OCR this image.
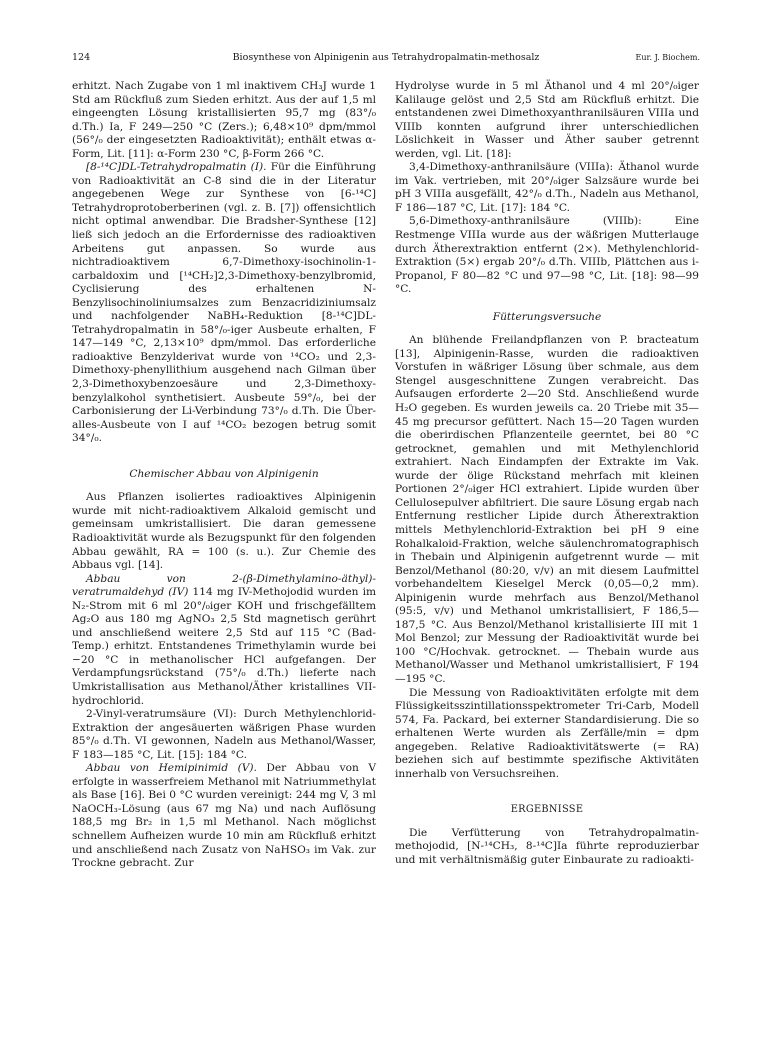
124	Biosynthese von Alpinigenin aus Tetrahydropalmatin-methosalz	Eur. J. Biochem.

erhitzt. Nach Zugabe von 1 ml inaktivem CH₃J wurde 1 Std am Rückfluß zum Sieden erhitzt. Aus der auf 1,5 ml eingeengten Lösung kristallisierten 95,7 mg (83°/₀ d.Th.) Ia, F 249—250 °C (Zers.); 6,48×10⁹ dpm/mmol (56°/₀ der eingesetzten Radioaktivität); enthält etwas α-Form, Lit. [11]: α-Form 230 °C, β-Form 266 °C.

[8-¹⁴C]DL-Tetrahydropalmatin (I). Für die Einführung von Radioaktivität an C-8 sind die in der Literatur angegebenen Wege zur Synthese von [6-¹⁴C] Tetrahydroprotoberberinen (vgl. z. B. [7]) offensichtlich nicht optimal anwendbar. Die Bradsher-Synthese [12] ließ sich jedoch an die Erfordernisse des radioaktiven Arbeitens gut anpassen. So wurde aus nichtradioaktivem 6,7-Dimethoxy-isochinolin-1-carbaldoxim und [¹⁴CH₂]2,3-Dimethoxy-benzylbromid, Cyclisierung des erhaltenen N-Benzylisochinoliniumsalzes zum Benzacridiziniumsalz und nachfolgender NaBH₄-Reduktion [8-¹⁴C]DL-Tetrahydropalmatin in 58°/₀-iger Ausbeute erhalten, F 147—149 °C, 2,13×10⁹ dpm/mmol. Das erforderliche radioaktive Benzylderivat wurde von ¹⁴CO₂ und 2,3-Dimethoxy-phenyllithium ausgehend nach Gilman über 2,3-Dimethoxybenzoesäure und 2,3-Dimethoxy-benzylalkohol synthetisiert. Ausbeute 59°/₀, bei der Carbonisierung der Li-Verbindung 73°/₀ d.Th. Die Über-alles-Ausbeute von I auf ¹⁴CO₂ bezogen betrug somit 34°/₀.

Chemischer Abbau von Alpinigenin

Aus Pflanzen isoliertes radioaktives Alpinigenin wurde mit nicht-radioaktivem Alkaloid gemischt und gemeinsam umkristallisiert. Die daran gemessene Radioaktivität wurde als Bezugspunkt für den folgenden Abbau gewählt, RA = 100 (s. u.). Zur Chemie des Abbaus vgl. [14].

Abbau von 2-(β-Dimethylamino-äthyl)-veratrumaldehyd (IV) 114 mg IV-Methojodid wurden im N₂-Strom mit 6 ml 20°/₀iger KOH und frischgefälltem Ag₂O aus 180 mg AgNO₃ 2,5 Std magnetisch gerührt und anschließend weitere 2,5 Std auf 115 °C (Bad-Temp.) erhitzt. Entstandenes Trimethylamin wurde bei −20 °C in methanolischer HCl aufgefangen. Der Verdampfungsrückstand (75°/₀ d.Th.) lieferte nach Umkristallisation aus Methanol/Äther kristallines VII-hydrochlorid.

2-Vinyl-veratrumsäure (VI): Durch Methylenchlorid-Extraktion der angesäuerten wäßrigen Phase wurden 85°/₀ d.Th. VI gewonnen, Nadeln aus Methanol/Wasser, F 183—185 °C, Lit. [15]: 184 °C.

Abbau von Hemipinimid (V). Der Abbau von V erfolgte in wasserfreiem Methanol mit Natriummethylat als Base [16]. Bei 0 °C wurden vereinigt: 244 mg V, 3 ml NaOCH₃-Lösung (aus 67 mg Na) und nach Auflösung 188,5 mg Br₂ in 1,5 ml Methanol. Nach möglichst schnellem Aufheizen wurde 10 min am Rückfluß erhitzt und anschließend nach Zusatz von NaHSO₃ im Vak. zur Trockne gebracht. Zur

Hydrolyse wurde in 5 ml Äthanol und 4 ml 20°/₀iger Kalilauge gelöst und 2,5 Std am Rückfluß erhitzt. Die entstandenen zwei Dimethoxyanthranilsäuren VIIIa und VIIIb konnten aufgrund ihrer unterschiedlichen Löslichkeit in Wasser und Äther sauber getrennt werden, vgl. Lit. [18]:

3,4-Dimethoxy-anthranilsäure (VIIIa): Äthanol wurde im Vak. vertrieben, mit 20°/₀iger Salzsäure wurde bei pH 3 VIIIa ausgefällt, 42°/₀ d.Th., Nadeln aus Methanol, F 186—187 °C, Lit. [17]: 184 °C.

5,6-Dimethoxy-anthranilsäure (VIIIb): Eine Restmenge VIIIa wurde aus der wäßrigen Mutterlauge durch Ätherextraktion entfernt (2×). Methylenchlorid-Extraktion (5×) ergab 20°/₀ d.Th. VIIIb, Plättchen aus i-Propanol, F 80—82 °C und 97—98 °C, Lit. [18]: 98—99 °C.

Fütterungsversuche

An blühende Freilandpflanzen von P. bracteatum [13], Alpinigenin-Rasse, wurden die radioaktiven Vorstufen in wäßriger Lösung über schmale, aus dem Stengel ausgeschnittene Zungen verabreicht. Das Aufsaugen erforderte 2—20 Std. Anschließend wurde H₂O gegeben. Es wurden jeweils ca. 20 Triebe mit 35—45 mg precursor gefüttert. Nach 15—20 Tagen wurden die oberirdischen Pflanzenteile geerntet, bei 80 °C getrocknet, gemahlen und mit Methylenchlorid extrahiert. Nach Eindampfen der Extrakte im Vak. wurde der ölige Rückstand mehrfach mit kleinen Portionen 2°/₀iger HCl extrahiert. Lipide wurden über Cellulosepulver abfiltriert. Die saure Lösung ergab nach Entfernung restlicher Lipide durch Ätherextraktion mittels Methylenchlorid-Extraktion bei pH 9 eine Rohalkaloid-Fraktion, welche säulenchromatographisch in Thebain und Alpinigenin aufgetrennt wurde — mit Benzol/Methanol (80:20, v/v) an mit diesem Laufmittel vorbehandeltem Kieselgel Merck (0,05—0,2 mm). Alpinigenin wurde mehrfach aus Benzol/Methanol (95:5, v/v) und Methanol umkristallisiert, F 186,5—187,5 °C. Aus Benzol/Methanol kristallisierte III mit 1 Mol Benzol; zur Messung der Radioaktivität wurde bei 100 °C/Hochvak. getrocknet. — Thebain wurde aus Methanol/Wasser und Methanol umkristallisiert, F 194—195 °C.

Die Messung von Radioaktivitäten erfolgte mit dem Flüssigkeitsszintillationsspektrometer Tri-Carb, Modell 574, Fa. Packard, bei externer Standardisierung. Die so erhaltenen Werte wurden als Zerfälle/min = dpm angegeben. Relative Radioaktivitätswerte (= RA) beziehen sich auf bestimmte spezifische Aktivitäten innerhalb von Versuchsreihen.

ERGEBNISSE

Die Verfütterung von Tetrahydropalmatin-methojodid, [N-¹⁴CH₃, 8-¹⁴C]Ia führte reproduzierbar und mit verhältnismäßig guter Einbaurate zu radioakti-
